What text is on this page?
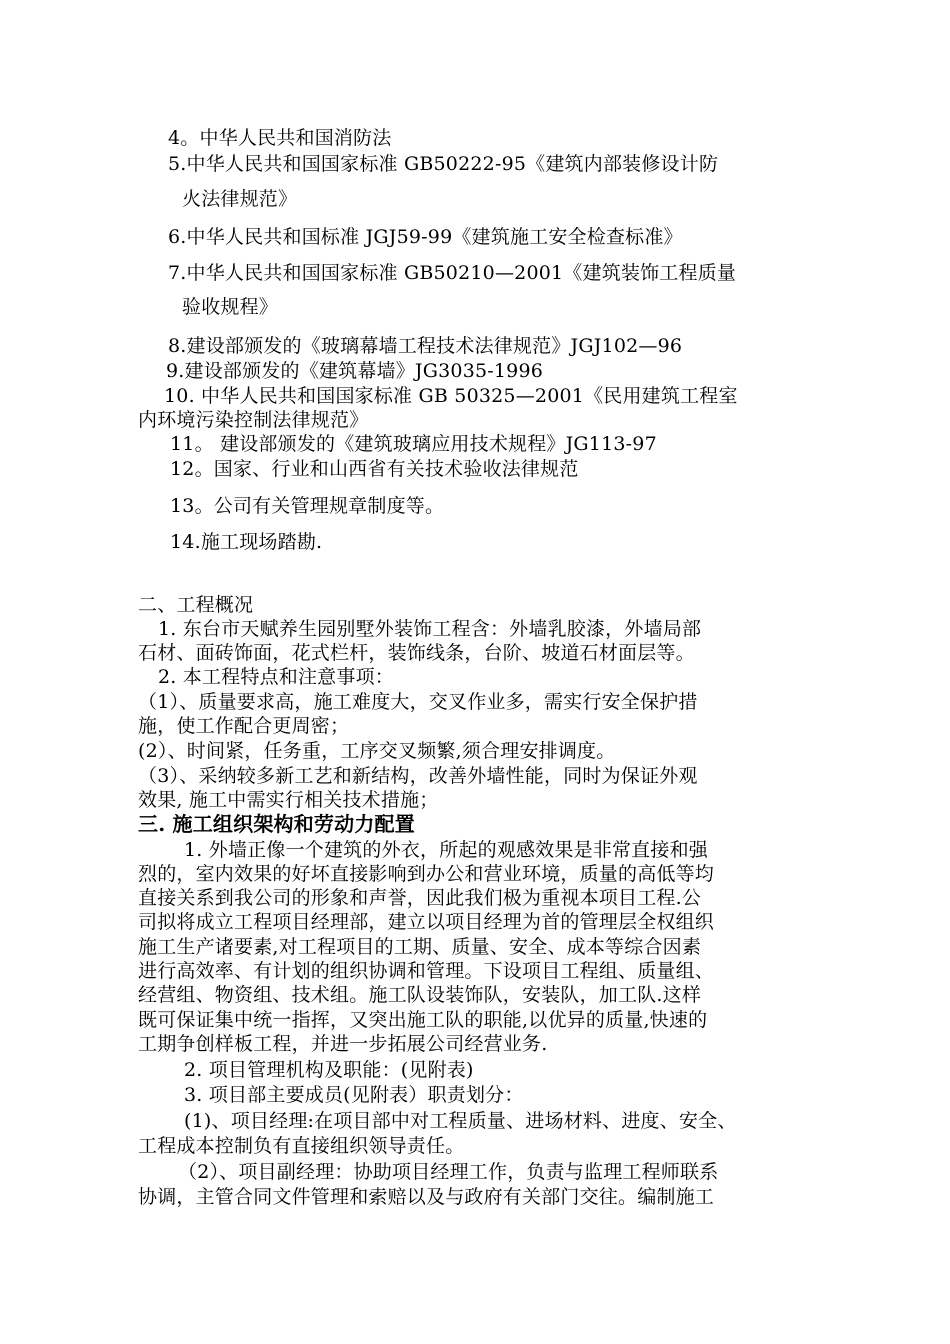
4。中华人民共和国消防法
5.中华人民共和国国家标准 GB50222-95《建筑内部装修设计防
火法律规范》
6.中华人民共和国标准 JGJ59-99《建筑施工安全检查标准》
7.中华人民共和国国家标准 GB50210—2001《建筑装饰工程质量
验收规程》
8.建设部颁发的《玻璃幕墙工程技术法律规范》JGJ102—96
9.建设部颁发的《建筑幕墙》JG3035-1996
10. 中华人民共和国国家标准 GB 50325—2001《民用建筑工程室
内环境污染控制法律规范》
11。 建设部颁发的《建筑玻璃应用技术规程》JG113-97
12。国家、行业和山西省有关技术验收法律规范
13。公司有关管理规章制度等。
14.施工现场踏勘.
二、工程概况
1. 东台市天赋养生园别墅外装饰工程含：外墙乳胶漆，外墙局部
石材、面砖饰面，花式栏杆，装饰线条，台阶、坡道石材面层等。
2. 本工程特点和注意事项：
（1）、质量要求高，施工难度大，交叉作业多，需实行安全保护措
施，使工作配合更周密；
(2）、时间紧，任务重，工序交叉频繁,须合理安排调度。
（3）、采纳较多新工艺和新结构，改善外墙性能，同时为保证外观
效果, 施工中需实行相关技术措施；
三. 施工组织架构和劳动力配置
1. 外墙正像一个建筑的外衣，所起的观感效果是非常直接和强
烈的，室内效果的好坏直接影响到办公和营业环境，质量的高低等均
直接关系到我公司的形象和声誉，因此我们极为重视本项目工程.公
司拟将成立工程项目经理部，建立以项目经理为首的管理层全权组织
施工生产诸要素,对工程项目的工期、质量、安全、成本等综合因素
进行高效率、有计划的组织协调和管理。下设项目工程组、质量组、
经营组、物资组、技术组。施工队设装饰队，安装队，加工队.这样
既可保证集中统一指挥，又突出施工队的职能,以优异的质量,快速的
工期争创样板工程，并进一步拓展公司经营业务.
2. 项目管理机构及职能：(见附表)
3. 项目部主要成员(见附表）职责划分：
(1)、项目经理:在项目部中对工程质量、进场材料、进度、安全、
工程成本控制负有直接组织领导责任。
（2）、项目副经理：协助项目经理工作，负责与监理工程师联系
协调，主管合同文件管理和索赔以及与政府有关部门交往。编制施工
